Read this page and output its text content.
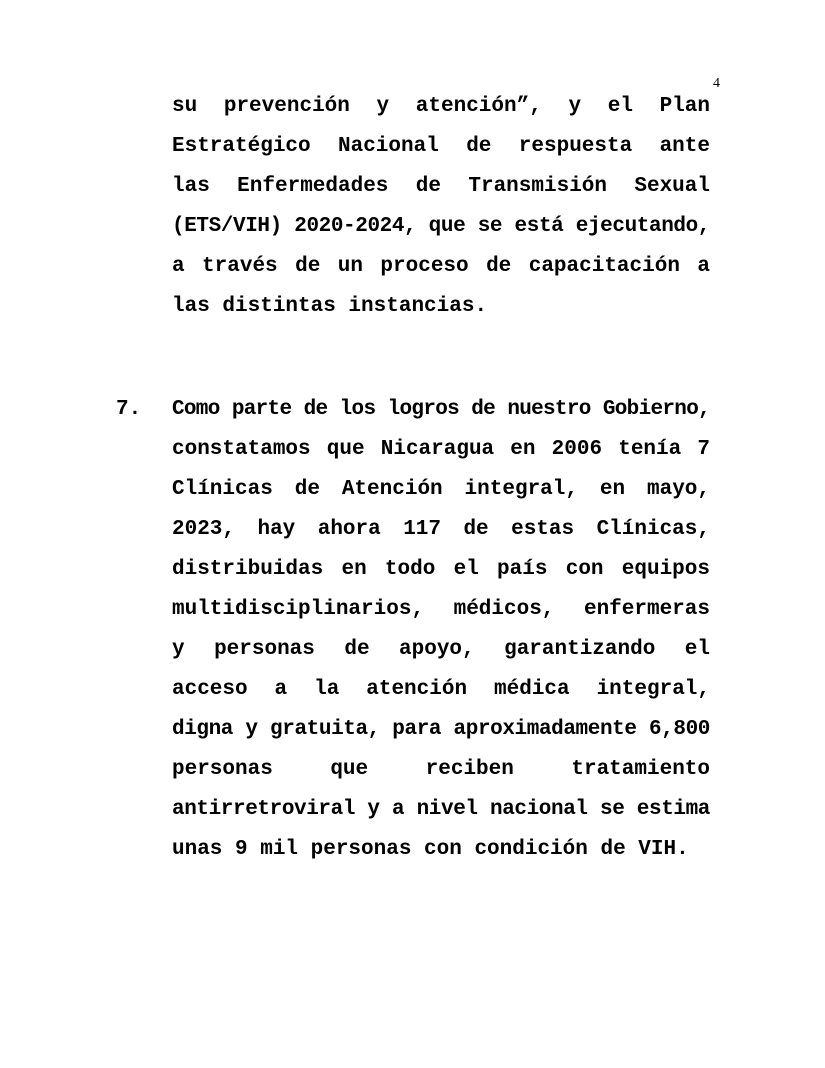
4
su prevención y atención”, y el Plan
Estratégico Nacional de respuesta ante
las Enfermedades de Transmisión Sexual
(ETS/VIH) 2020-2024, que se está ejecutando,
a través de un proceso de capacitación a
las distintas instancias.
7. Como parte de los logros de nuestro Gobierno,
constatamos que Nicaragua en 2006 tenía 7
Clínicas de Atención integral, en mayo,
2023, hay ahora 117 de estas Clínicas,
distribuidas en todo el país con equipos
multidisciplinarios, médicos, enfermeras
y personas de apoyo, garantizando el
acceso a la atención médica integral,
digna y gratuita, para aproximadamente 6,800
personas que reciben tratamiento
antirretroviral y a nivel nacional se estima
unas 9 mil personas con condición de VIH.
